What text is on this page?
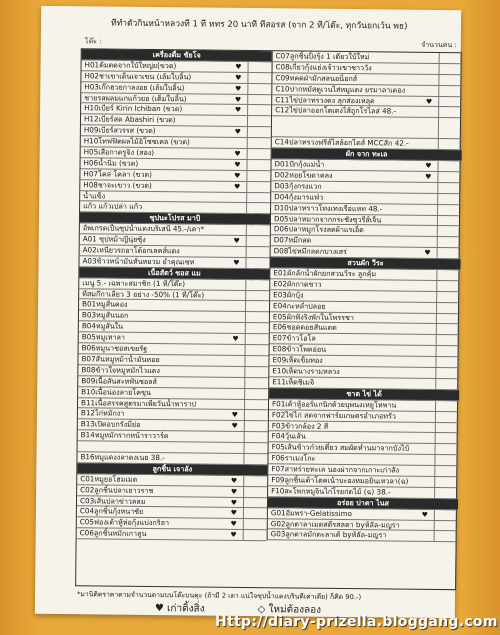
ที่ทำตัวกินหน้าหลวงที่ 1 ที่ หทร 20 นาที ที่สอรส (จาก 2 ที/โต๊ะ, ทุกวันยกเว้น พธ)
โต๊ะ :	จำนวนคน :
เครื่องดื่ม ชัยโจ
H01ต้มตดจากใบ้ใหญ่ย(ขวด)	♥
H02ชาเขาเด็นเจาเขน (เล้มใบลิ้น)	♥
H03เก๊กฮวยกาลงอย (เล้มใบลิ้น)	♥
ชายรสผลมแกแก้วยอ (เต็มใบลิ้น)	♥
H10เบียร์ Kirin Ichiban (ขวด)	♥
H12เบียร์สด Abashiri (ขวด)
H09เบียร์สวรรส (ขวด)	♥
H10โทฟฟิตผลไม้อิโซซเคล (ขวด)
H05เสือกาดรูจิง (สอง)	♥
H06น้ำนิ่ม (ขวด)	♥
H07โคล่ โคลา (ขวด)	♥
H08ชาจะเขาว (ขวด)	♥
น้ำแข็ง
แก้ว แก้วเปล่า แก้ว
ซุปนะโปรส มาบิ
อัพเกรดเป็นซุปน้ำแดงบริเสนี 45.-/เตา*
A01 ซุปหม้าญีนุ่ยซุ้ง	♥
A02เหนียวรถอาโด้อกเลคส์แดง
A03ข้าวหน้ามันหั่นหยวม ยำคุณเซท	♥
เนื้อสัตว์ ซอส แม
เมนู 5.- เฉพาะสมาชิก (1 ที/โต๊ะ)
ทีสมกึกาเลียว 3 อย่าง -50% (1 ที/โต๊ะ)
B01หมูสั่นคอง
B03หมูสันนอก
B04หมูสันใน
B05หมูเหาลา	♥
B06หมูนาชอสเขยรัฐ
B07สันหมูหม้าน้ำมันหอย
B08ข้าวใจหมูหมักไวแดง
B09เนื้อสันสะหพันซอลส์
B10เนื้อน่องลายโคขุน
B11เนื้อสรรคสูตรมาเพียวันน้ำพาราป
B12ไก่หมักงา	♥
B13เปิดอบกรังมี่ย่อ	♥
B14หมูหมักรากหน้าราวาร์ด
B16หมูแดงงลาดงเนย 38.-
ลูกชิ้น เจาลัง
C01หมูยอโฮมเมด	♥
C02ลูกชิ้นปลาเยาวราช	♥
C03เส้นปลาข่าวลลม	♥
C04ลูกชิ้นกุ้งหนาชัย	♥
C05ฟองเต้าหู้ห่อกุ้งแบ่งกริลา	♥
C06ลูกชิ้นหมักเกาลูน	♥
C07ลูกชิ้นปิ้งรุ้ง 1 เดียวใบ้ใหม่
C08เกี่ยวกุ้งแย่งเจ้าวเขาชาววัง
C09ทคดฝ่ามักสลนอน็อกส์
C10ปากหมัสดูเวนไส่หมูแดง ยรมาลาเดอง
C11ไข่ปลาทรวงดง ลุกส่องเหลุด	♥
C12ไข่ปลาออกโตเดงไส้ถูกโรไลส่ 48.-
C14ปลาทรวงฟรีส์ไสล้อกไดส์ MCCสัก 42.-
ผัก จาก ทะเล
D01ปักกุ้งแม่น้ำ	♥
D02หอยโขดาคลง	♥
D03กุ้งกรงแวก
D04กุ้งมารแฟ่ว
D10ปลาทราวโทงเทงเรือแหท 48.-
D05ปลาหมากจากกระชังซุวรีส์เจ็น
D06ปลาหมูกโรงลดผ้าแรเอ็ด
D07หมึกสด
D08ไข่หมึกลดกบางเสร่	♥
สวนผัก วีระ
E01ผักลักน้ำผักยกสวนวีระ ลูกคุ้ม
E02ผักกาดขาว
E03ผักบุ้ง
E04กะหล่ำปลอย
E05ผักฟังริงพักในโพรรชา
E06ชอดดอยสันแดด
E07ข้าวโอโล
E08ข้าวโพดอ่อน
E09เห็ดเข็มทอง
E10เห็ดนางรามหลวง
E11เห็ดชิเมจิ
ชาต ไข่ ได้
F01เต้าหู้ออร์แกนิกด้วยบุพนงเหยูโหพาน
F02ไข่ไก่ สดจากฟาร์มเกษตรอำเภอทรัว
F03ข้าวกล้อง 2 สี
F04วุ้นเส้น
F05เส้นข้าวก๋วยเตี๋ยว สมผัดหำนมาจากบังไบ้
F06ราเมงโกะ
F07สาหร่ายทะเล นองผ่ากจากเกาะเก่าสัง
F09ลูกชิ้นเต้าโตคเน้าบะองหมอยินเหวลา(ฉ)
F10สะโพกหมูจินไก่โรยก่ดไม้ (ฉ) 38.-
อร่อย บ่าตา ไนส
G01อัมพรา-Gelatissimo	♥
G02ลูกตาลาเมดสดีรสลดา byห้ลัล-มญรา
G03ลูกตาลมักดะลาเด้ byห้ลัล-มญรา
*มานิติคราคาตามจำนวนตามบนโต๊ะบนคุะ (ถ้ามี 2 เตา แน่ใจซุปน้ำแดงบรินดีเค่าเดีย) ก็คิด 90.-)
♥ เก่าติ้งสิ่ง	◇ ใหม่ต้องลอง
Http://diary-prizella.bloggang.com
